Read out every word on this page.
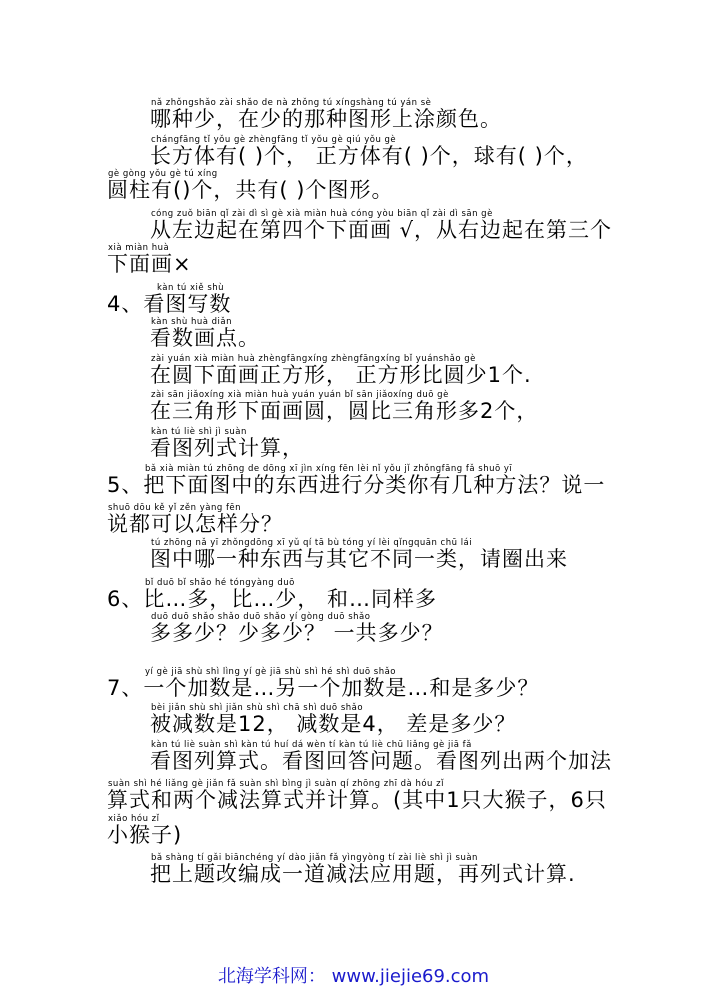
nǎ zhǒngshǎo zài shǎo de nà zhǒng tú xíngshàng tú yán sè
哪种少，在少的那种图形上涂颜色。
chángfāng tǐ yǒu gè zhèngfāng tǐ yǒu gè qiú yǒu gè
长方体有( )个， 正方体有( )个，球有( )个，
gè gòng yǒu gè tú xíng
圆柱有()个，共有( )个图形。
cóng zuǒ biān qǐ zài dì sì gè xià miàn huà cóng yòu biān qǐ zài dì sān gè
从左边起在第四个下面画 √，从右边起在第三个
xià miàn huà
下面画×
kàn tú xiě shù
4、看图写数
kàn shù huà diǎn
看数画点。
zài yuán xià miàn huà zhèngfāngxíng zhèngfāngxíng bǐ yuánshǎo gè
在圆下面画正方形， 正方形比圆少1个.
zài sān jiǎoxíng xià miàn huà yuán yuán bǐ sān jiǎoxíng duō gè
在三角形下面画圆，圆比三角形多2个，
kàn tú liè shì jì suàn
看图列式计算，
bǎ xià miàn tú zhōng de dōng xī jìn xíng fēn lèi nǐ yǒu jǐ zhǒngfāng fǎ shuō yī
5、把下面图中的东西进行分类你有几种方法？说一
shuō dōu kě yǐ zěn yàng fēn
说都可以怎样分？
tú zhōng nǎ yī zhǒngdōng xī yǔ qí tā bù tóng yí lèi qǐngquān chū lái
图中哪一种东西与其它不同一类，请圈出来
bǐ duō bǐ shǎo hé tóngyàng duō
6、比…多，比…少， 和…同样多
duō duō shǎo shǎo duō shǎo yí gòng duō shǎo
多多少？少多少？ 一共多少？
yí gè jiā shù shì lìng yí gè jiā shù shì hé shì duō shǎo
7、一个加数是…另一个加数是…和是多少？
bèi jiǎn shù shì jiǎn shù shì chā shì duō shǎo
被减数是12， 减数是4， 差是多少？
kàn tú liè suàn shì kàn tú huí dá wèn tí kàn tú liè chū liǎng gè jiā fǎ
看图列算式。看图回答问题。看图列出两个加法
suàn shì hé liǎng gè jiǎn fǎ suàn shì bìng jì suàn qí zhōng zhī dà hóu zǐ
算式和两个减法算式并计算。(其中1只大猴子，6只
xiǎo hóu zǐ
小猴子)
bǎ shàng tí gǎi biānchéng yí dào jiǎn fǎ yìngyòng tí zài liè shì jì suàn
把上题改编成一道减法应用题，再列式计算.
北海学科网： www.jiejie69.com
